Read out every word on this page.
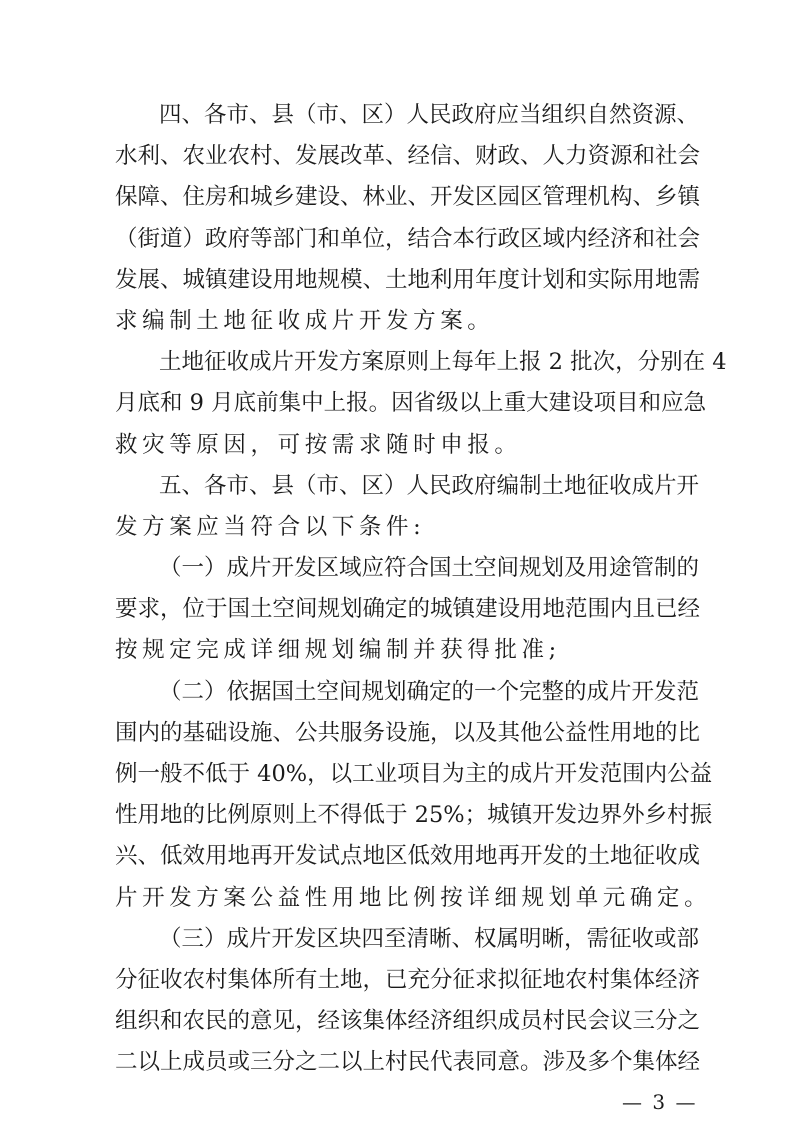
四、各市、县（市、区）人民政府应当组织自然资源、
水利、农业农村、发展改革、经信、财政、人力资源和社会
保障、住房和城乡建设、林业、开发区园区管理机构、乡镇
（街道）政府等部门和单位，结合本行政区域内经济和社会
发展、城镇建设用地规模、土地利用年度计划和实际用地需
求编制土地征收成片开发方案。
土地征收成片开发方案原则上每年上报 2 批次，分别在 4
月底和 9 月底前集中上报。因省级以上重大建设项目和应急
救灾等原因，可按需求随时申报。
五、各市、县（市、区）人民政府编制土地征收成片开
发方案应当符合以下条件:
（一）成片开发区域应符合国土空间规划及用途管制的
要求，位于国土空间规划确定的城镇建设用地范围内且已经
按规定完成详细规划编制并获得批准;
（二）依据国土空间规划确定的一个完整的成片开发范
围内的基础设施、公共服务设施，以及其他公益性用地的比
例一般不低于 40%，以工业项目为主的成片开发范围内公益
性用地的比例原则上不得低于 25%；城镇开发边界外乡村振
兴、低效用地再开发试点地区低效用地再开发的土地征收成
片开发方案公益性用地比例按详细规划单元确定。
（三）成片开发区块四至清晰、权属明晰，需征收或部
分征收农村集体所有土地，已充分征求拟征地农村集体经济
组织和农民的意见，经该集体经济组织成员村民会议三分之
二以上成员或三分之二以上村民代表同意。涉及多个集体经
— 3 —
